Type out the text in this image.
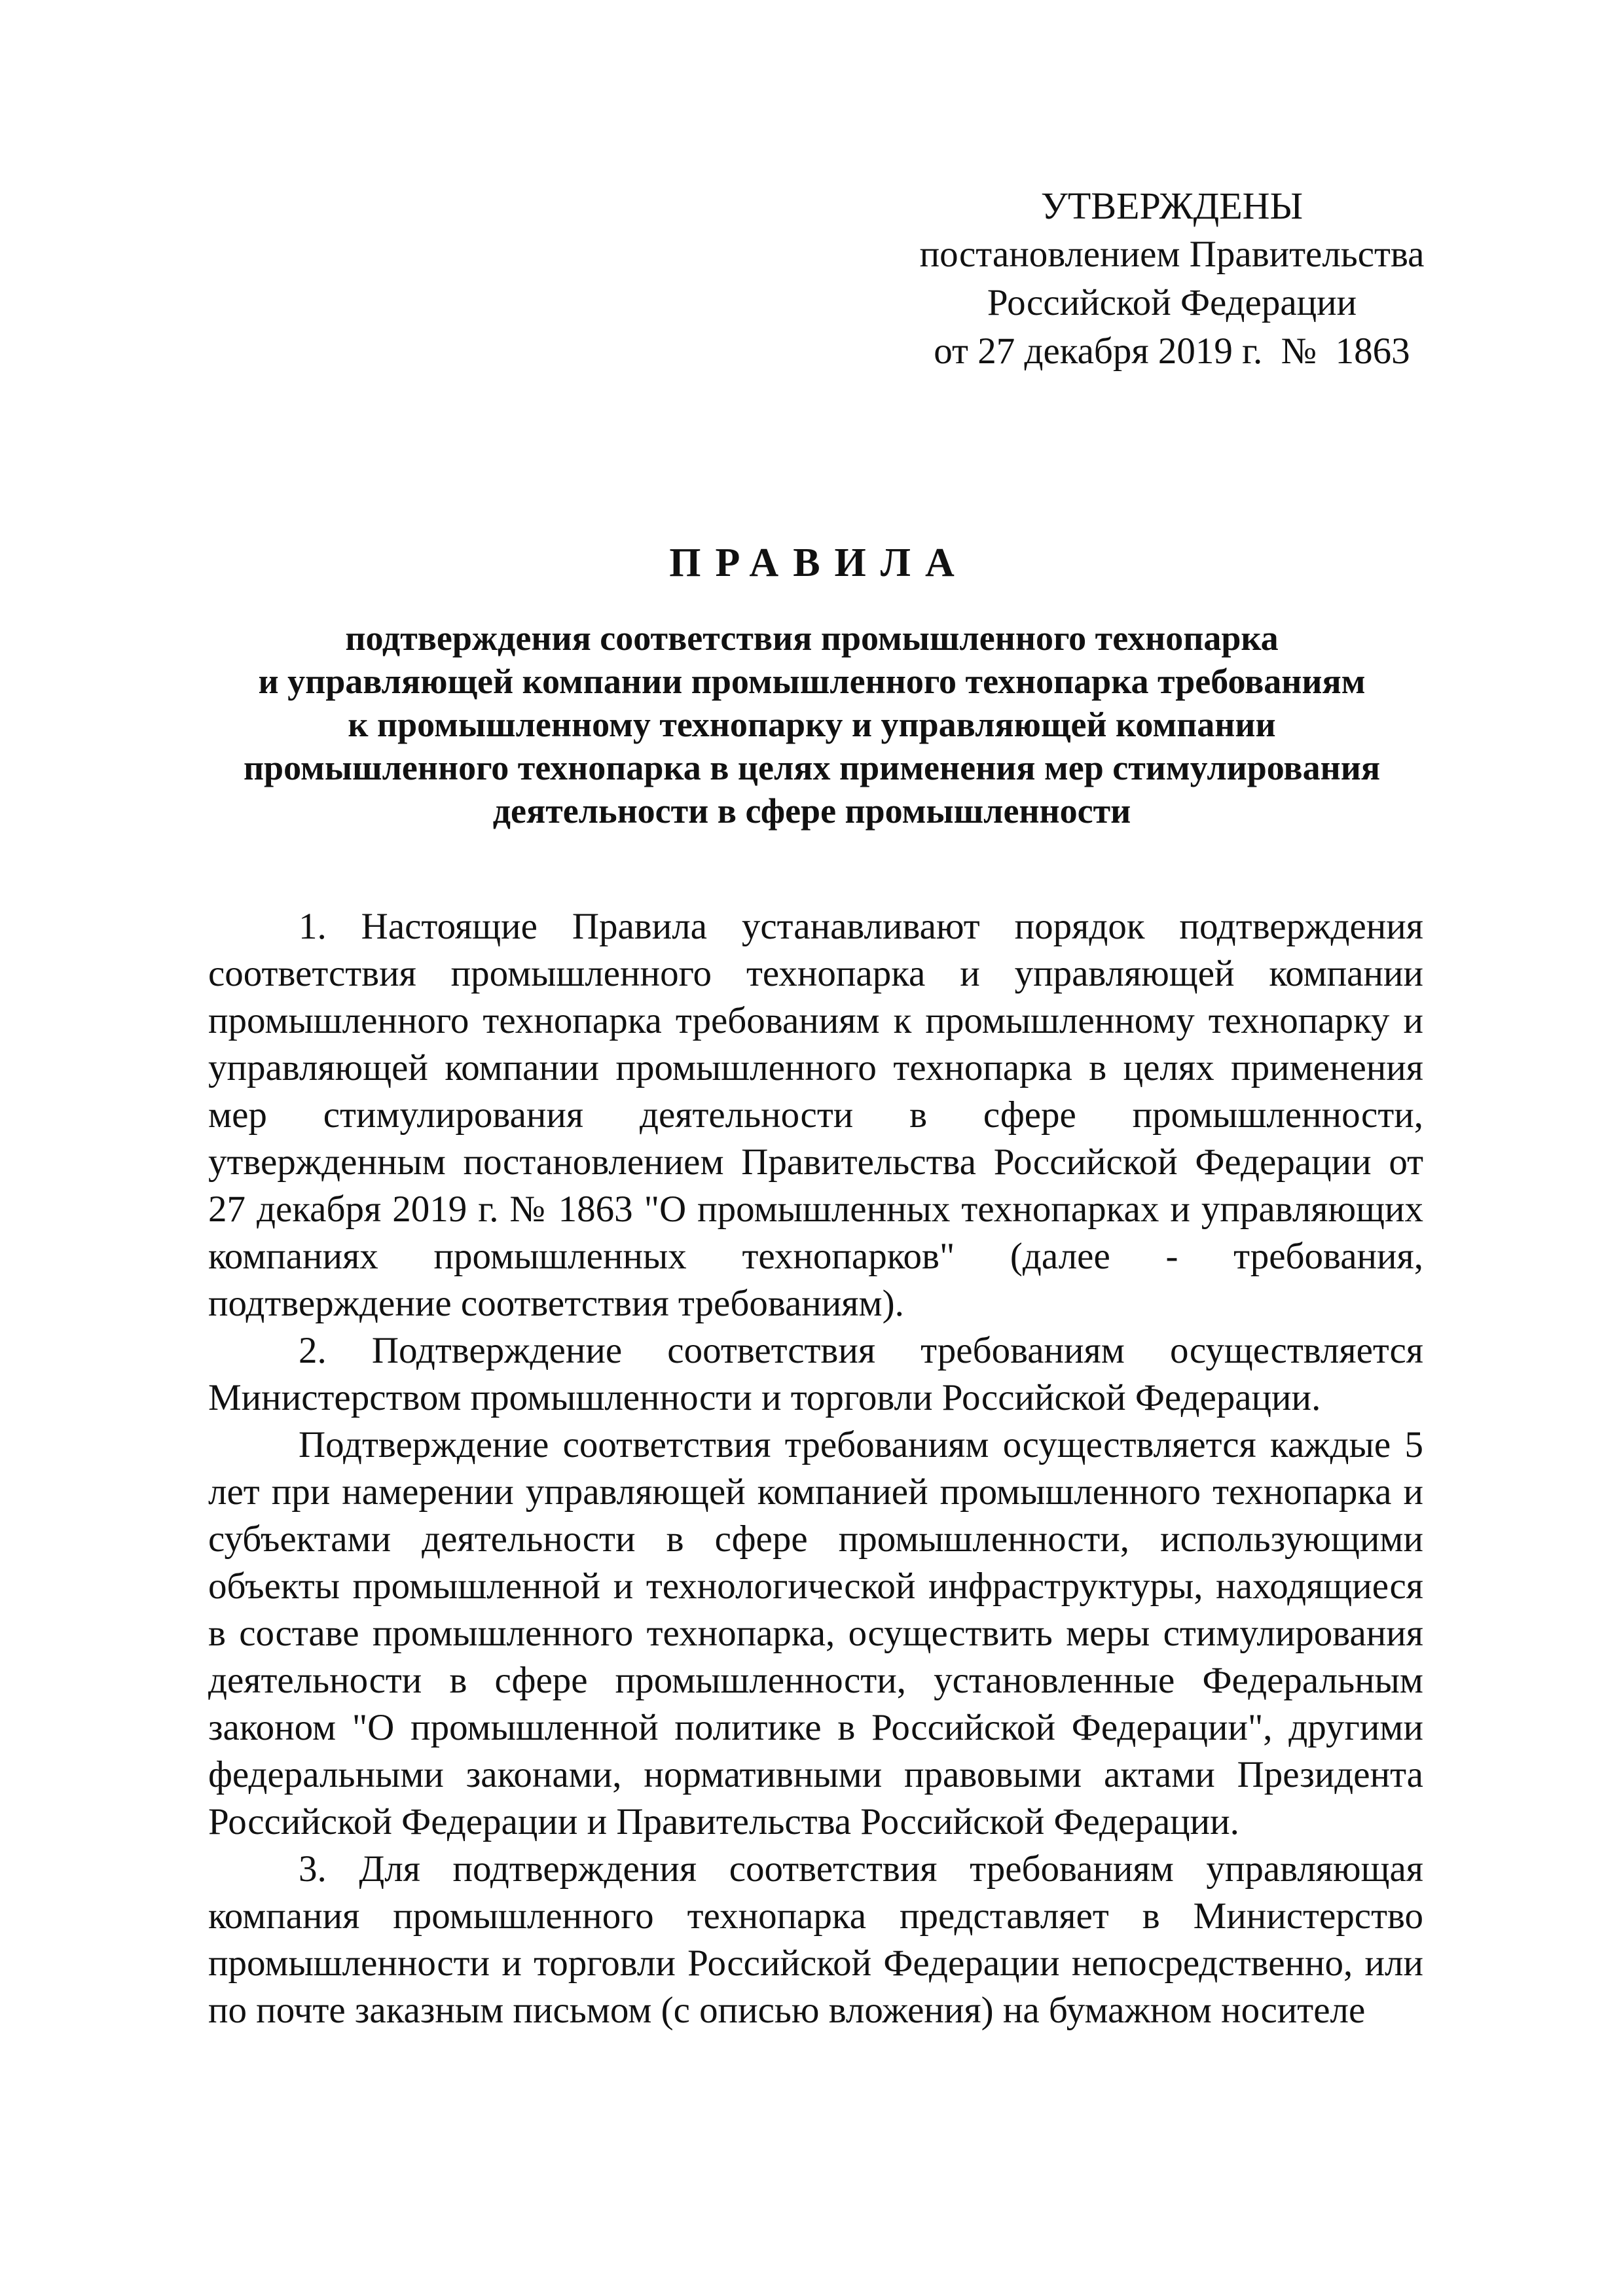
УТВЕРЖДЕНЫ
постановлением Правительства
Российской Федерации
от 27 декабря 2019 г.  №  1863
ПРАВИЛА
подтверждения соответствия промышленного технопарка
и управляющей компании промышленного технопарка требованиям
к промышленному технопарку и управляющей компании
промышленного технопарка в целях применения мер стимулирования
деятельности в сфере промышленности

1. Настоящие Правила устанавливают порядок подтверждения соответствия промышленного технопарка и управляющей компании промышленного технопарка требованиям к промышленному технопарку и управляющей компании промышленного технопарка в целях применения мер стимулирования деятельности в сфере промышленности, утвержденным постановлением Правительства Российской Федерации от 27 декабря 2019 г. № 1863 "О промышленных технопарках и управляющих компаниях промышленных технопарков" (далее - требования, подтверждение соответствия требованиям).

2. Подтверждение соответствия требованиям осуществляется Министерством промышленности и торговли Российской Федерации.

Подтверждение соответствия требованиям осуществляется каждые 5 лет при намерении управляющей компанией промышленного технопарка и субъектами деятельности в сфере промышленности, использующими объекты промышленной и технологической инфраструктуры, находящиеся в составе промышленного технопарка, осуществить меры стимулирования деятельности в сфере промышленности, установленные Федеральным законом "О промышленной политике в Российской Федерации", другими федеральными законами, нормативными правовыми актами Президента Российской Федерации и Правительства Российской Федерации.

3. Для подтверждения соответствия требованиям управляющая компания промышленного технопарка представляет в Министерство промышленности и торговли Российской Федерации непосредственно, или по почте заказным письмом (с описью вложения) на бумажном носителе
